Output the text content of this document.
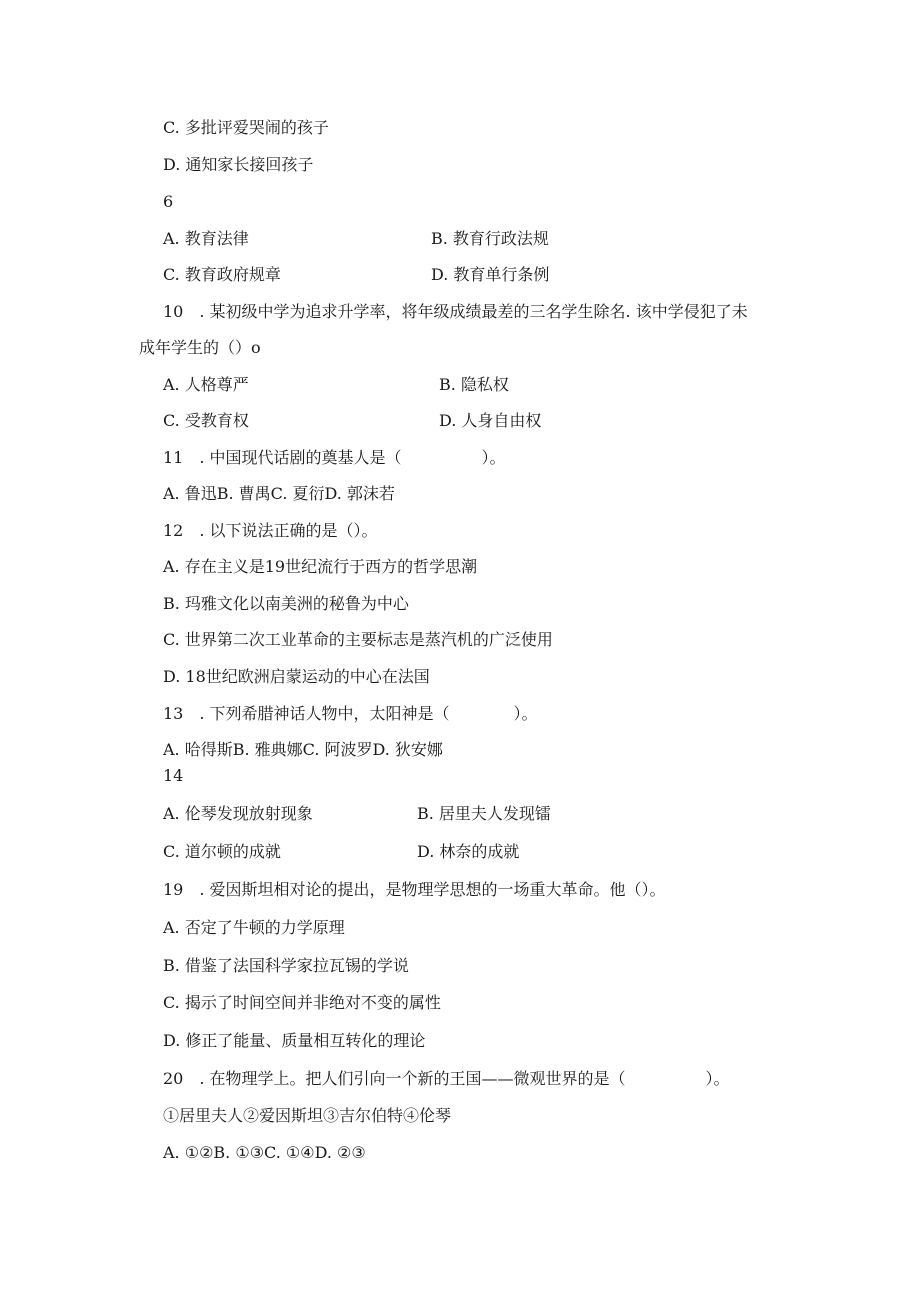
C. 多批评爱哭闹的孩子
D. 通知家长接回孩子
6
A. 教育法律	B. 教育行政法规
C. 教育政府规章	D. 教育单行条例
10　. 某初级中学为追求升学率，将年级成绩最差的三名学生除名. 该中学侵犯了未
成年学生的（）o
A. 人格尊严	B. 隐私权
C. 受教育权	D. 人身自由权
11　. 中国现代话剧的奠基人是（　　　　　）。
A. 鲁迅B. 曹禺C. 夏衍D. 郭沫若
12　. 以下说法正确的是（）。
A. 存在主义是19世纪流行于西方的哲学思潮
B. 玛雅文化以南美洲的秘鲁为中心
C. 世界第二次工业革命的主要标志是蒸汽机的广泛使用
D. 18世纪欧洲启蒙运动的中心在法国
13　. 下列希腊神话人物中，太阳神是（　　　　）。
A. 哈得斯B. 雅典娜C. 阿波罗D. 狄安娜
14
A. 伦琴发现放射现象	B. 居里夫人发现镭
C. 道尔顿的成就	D. 林奈的成就
19　. 爱因斯坦相对论的提出，是物理学思想的一场重大革命。他（）。
A. 否定了牛顿的力学原理
B. 借鉴了法国科学家拉瓦锡的学说
C. 揭示了时间空间并非绝对不变的属性
D. 修正了能量、质量相互转化的理论
20　. 在物理学上。把人们引向一个新的王国——微观世界的是（　　　　　）。
①居里夫人②爱因斯坦③吉尔伯特④伦琴
A. ①②B. ①③C. ①④D. ②③
